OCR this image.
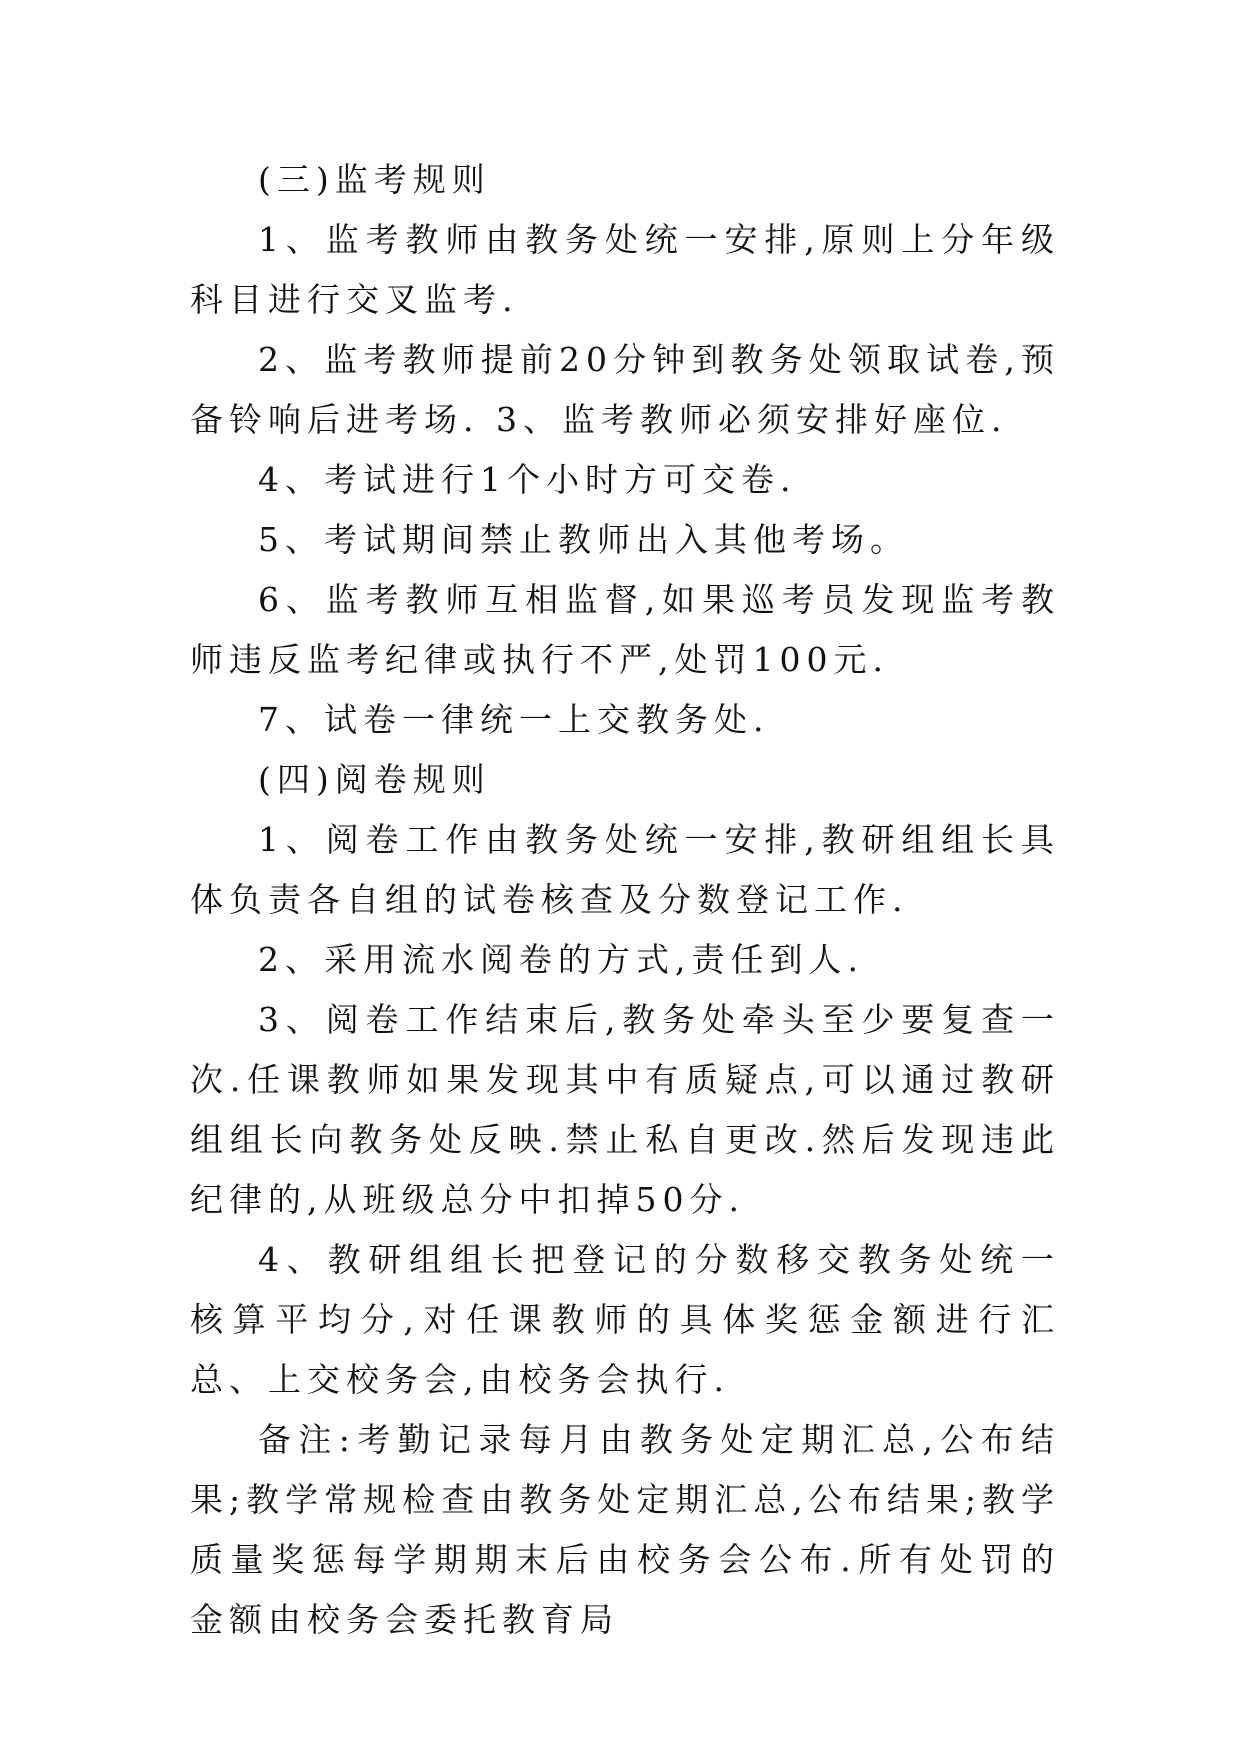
(三)监考规则

1、监考教师由教务处统一安排,原则上分年级科目进行交叉监考.

2、监考教师提前20分钟到教务处领取试卷,预备铃响后进考场. 3、监考教师必须安排好座位.

4、考试进行1个小时方可交卷.

5、考试期间禁止教师出入其他考场。

6、监考教师互相监督,如果巡考员发现监考教师违反监考纪律或执行不严,处罚100元.

7、试卷一律统一上交教务处.

(四)阅卷规则

1、阅卷工作由教务处统一安排,教研组组长具体负责各自组的试卷核查及分数登记工作.

2、采用流水阅卷的方式,责任到人.

3、阅卷工作结束后,教务处牵头至少要复查一次.任课教师如果发现其中有质疑点,可以通过教研组组长向教务处反映.禁止私自更改.然后发现违此纪律的,从班级总分中扣掉50分.

4、教研组组长把登记的分数移交教务处统一核算平均分,对任课教师的具体奖惩金额进行汇总、上交校务会,由校务会执行.

备注:考勤记录每月由教务处定期汇总,公布结果;教学常规检查由教务处定期汇总,公布结果;教学质量奖惩每学期期末后由校务会公布.所有处罚的金额由校务会委托教育局
